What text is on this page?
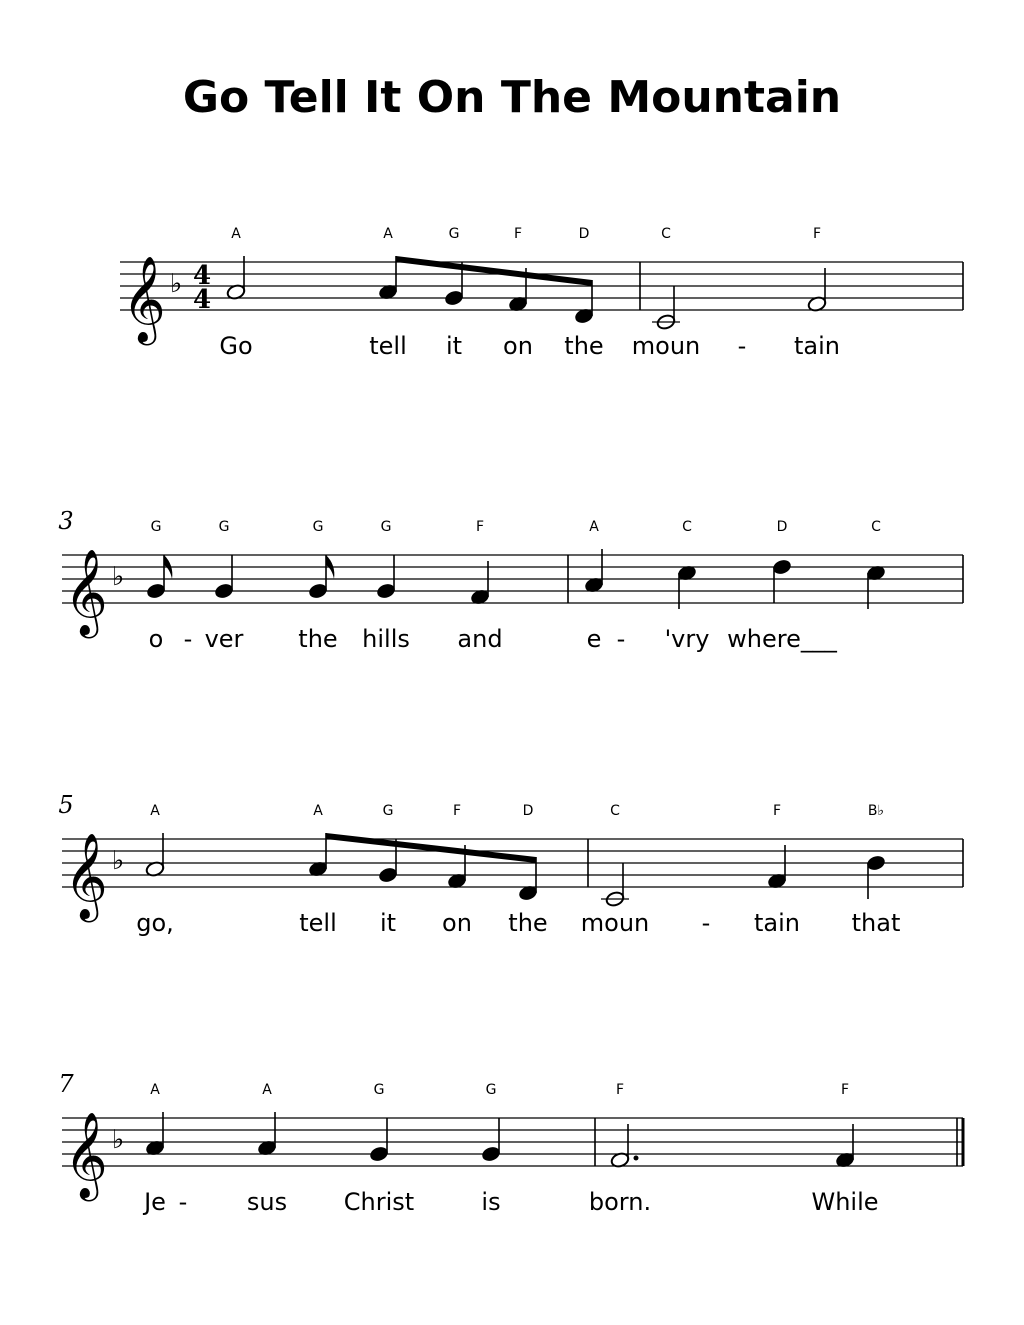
Go Tell It On The Mountain
𝄞 ♭ 4
4
A
Go
A
tell
G
it
F
on
D
the
C
moun -
F
tain
𝄞 ♭
3	G
o -
G
ver
G
the
G
hills
F
and
A
e -
C
'vry
D
where___
C
𝄞 ♭
5	A
go,
A
tell
G
it
F
on
D
the
C
moun -
F
tain
B♭
that
𝄞 ♭
7	A
Je -
A
sus
G
Christ
G
is
F
born.
F
While
